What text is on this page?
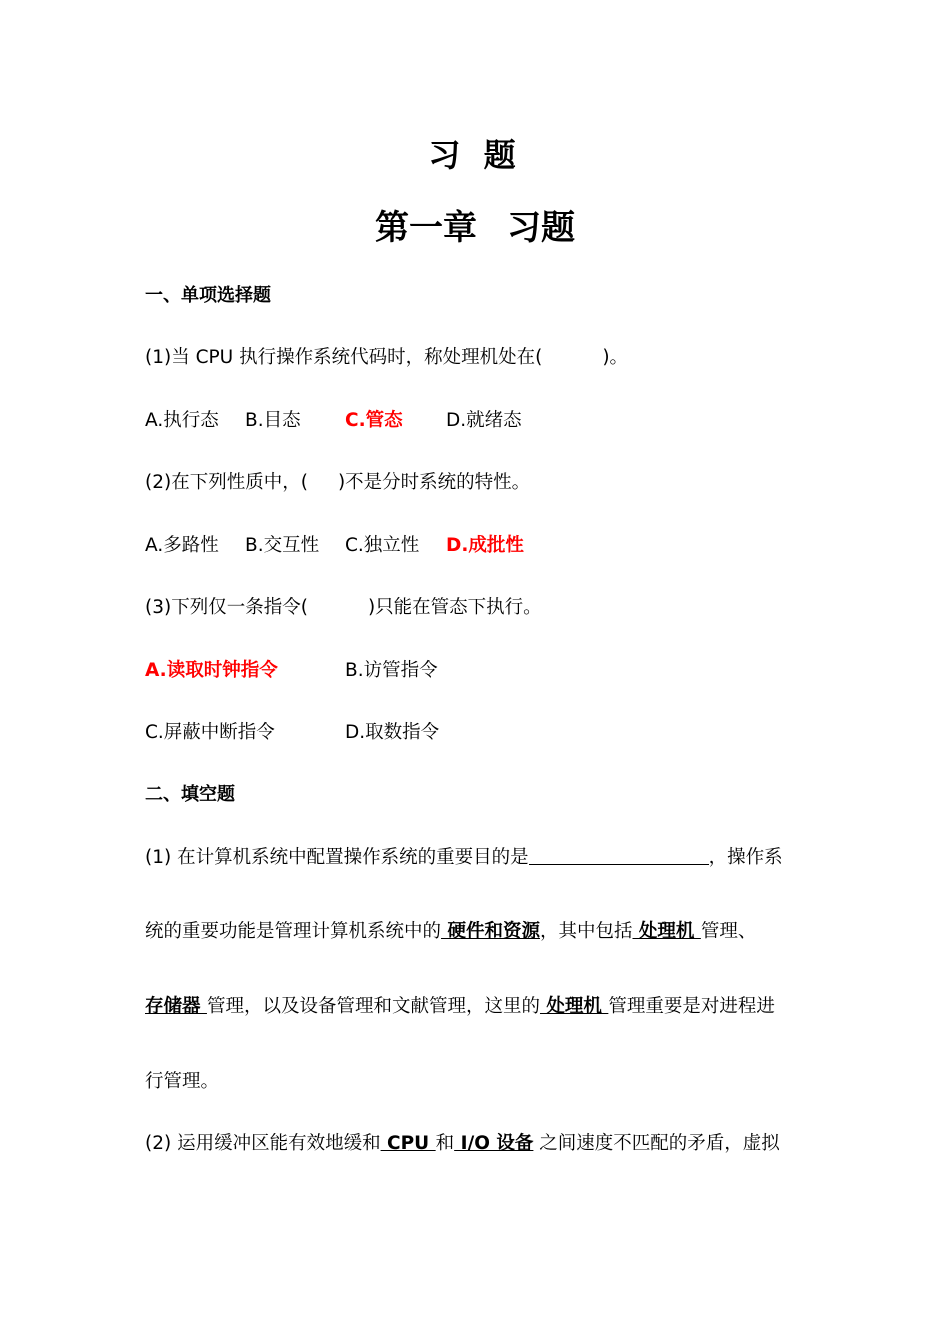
习 题
第一章 习题
一、单项选择题
(1)当 CPU 执行操作系统代码时，称处理机处在(	)。
A.执行态 B.目态 C.管态 D.就绪态
(2)在下列性质中，( )不是分时系统的特性。
A.多路性 B.交互性 C.独立性 D.成批性
(3)下列仅一条指令(	)只能在管态下执行。
A.读取时钟指令	B.访管指令
C.屏蔽中断指令	D.取数指令
二、填空题
(1) 在计算机系统中配置操作系统的重要目的是	，操作系
统的重要功能是管理计算机系统中的 硬件和资源，其中包括 处理机 管理、
存储器 管理，以及设备管理和文献管理，这里的 处理机 管理重要是对进程进
行管理。
(2) 运用缓冲区能有效地缓和 CPU 和 I/O 设备 之间速度不匹配的矛盾，虚拟
